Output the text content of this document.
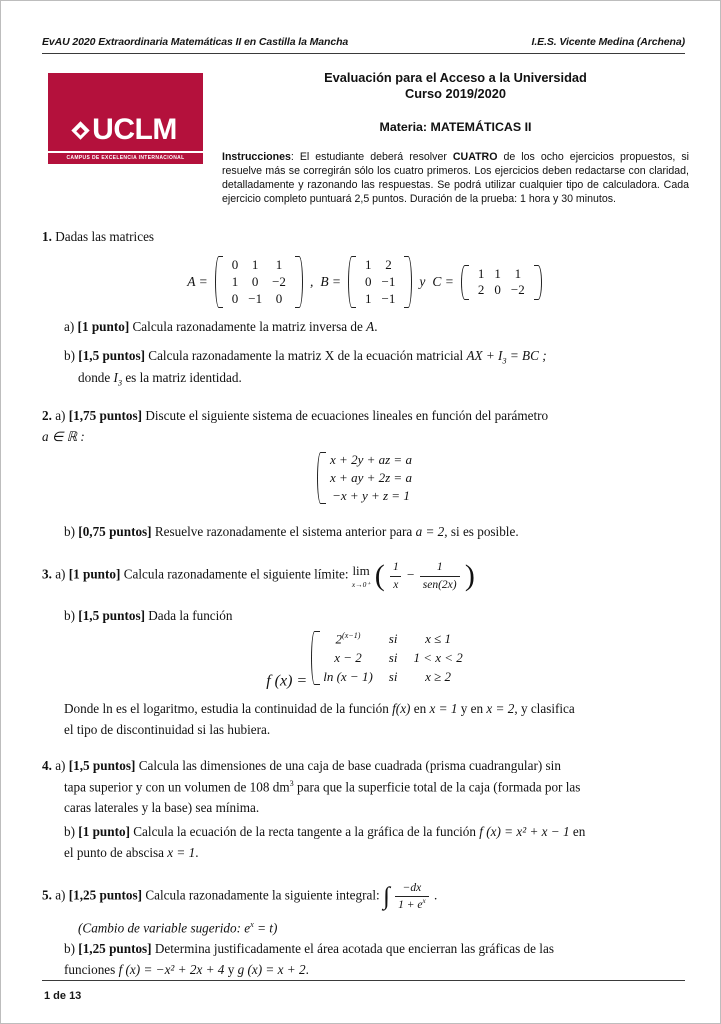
EvAU 2020 Extraordinaria Matemáticas II en Castilla la Mancha	I.E.S. Vicente Medina (Archena)
UCLM
CAMPUS DE EXCELENCIA INTERNACIONAL
Evaluación para el Acceso a la Universidad
Curso 2019/2020
Materia: MATEMÁTICAS II
Instrucciones: El estudiante deberá resolver CUATRO de los ocho ejercicios propuestos, si resuelve más se corregirán sólo los cuatro primeros. Los ejercicios deben redactarse con claridad, detalladamente y razonando las respuestas. Se podrá utilizar cualquier tipo de calculadora. Cada ejercicio completo puntuará 2,5 puntos. Duración de la prueba: 1 hora y 30 minutos.

1. Dadas las matrices

A =
0	1	1
1	0	−2
0 −1	0
, B =
1	2
0 −1
1 −1
y C =
1 1	1
2 0 −2

a) [1 punto] Calcula razonadamente la matriz inversa de A.

b) [1,5 puntos] Calcula razonadamente la matriz X de la ecuación matricial AX + $I_3$ = BC ;

donde $I_3$ es la matriz identidad.

2. a) [1,75 puntos] Discute el siguiente sistema de ecuaciones lineales en función del parámetro

a ∈ ℝ :

x + 2y + az = a
x + ay + 2z = a
−x + y + z = 1

b) [0,75 puntos] Resuelve razonadamente el sistema anterior para a = 2, si es posible.

3. a) [1 punto] Calcula razonadamente el siguiente límite: lim
x→0⁺ ( $\frac{1}{x} - \frac{1}{\text{sen(2x)}}$ )

b) [1,5 puntos] Dada la función

f (x) =
$2^{(x-1)}$	si	x ≤ 1
x − 2	si 1 < x < 2
ln (x − 1) si	x ≥ 2

Donde ln es el logaritmo, estudia la continuidad de la función f(x) en x = 1 y en x = 2, y clasifica

el tipo de discontinuidad si las hubiera.

4. a) [1,5 puntos] Calcula las dimensiones de una caja de base cuadrada (prisma cuadrangular) sin

tapa superior y con un volumen de 108 $dm^3$ para que la superficie total de la caja (formada por las

caras laterales y la base) sea mínima.

b) [1 punto] Calcula la ecuación de la recta tangente a la gráfica de la función f (x) = x² + x − 1 en

el punto de abscisa x = 1.

5. a) [1,25 puntos] Calcula razonadamente la siguiente integral: ∫ $\frac{-dx}{1 + e^x}$ .

(Cambio de variable sugerido: $e^x = t$)

b) [1,25 puntos] Determina justificadamente el área acotada que encierran las gráficas de las

funciones f (x) = −x² + 2x + 4 y g (x) = x + 2.

1 de 13
